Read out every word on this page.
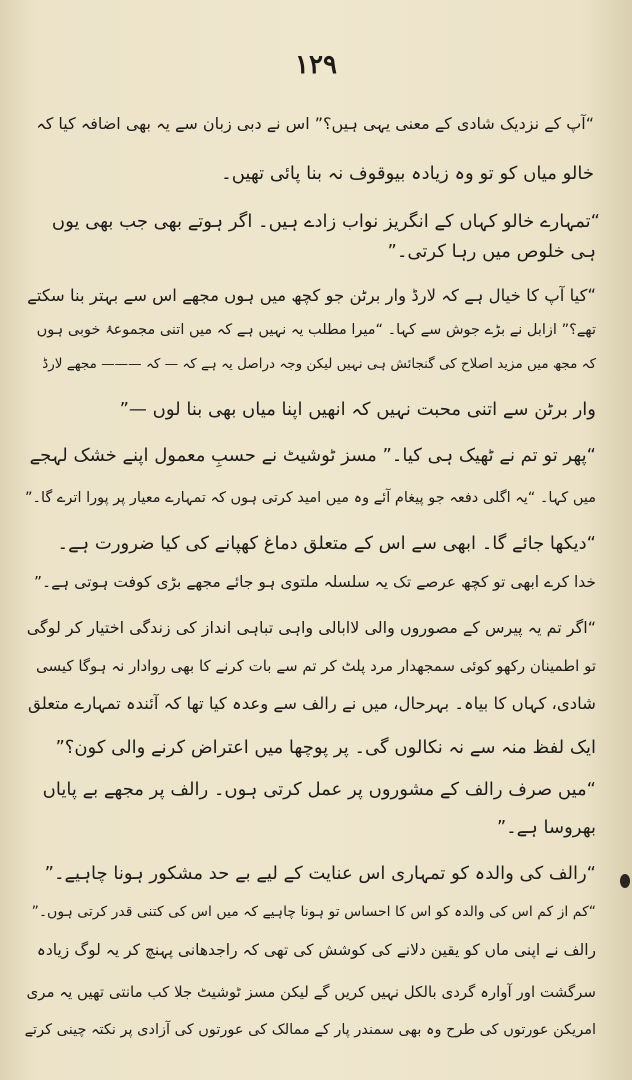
۱۲۹
“آپ کے نزدیک شادی کے معنی یہی ہیں؟” اس نے دبی زبان سے یہ بھی اضافہ کیا کہ
خالو میاں کو تو وہ زیادہ بیوقوف نہ بنا پائی تھیں۔
“تمہارے خالو کہاں کے انگریز نواب زادے ہیں۔ اگر ہوتے بھی جب بھی یوں
ہی خلوص میں رہا کرتی۔”
“کیا آپ کا خیال ہے کہ لارڈ وار برٹن جو کچھ میں ہوں مجھے اس سے بہتر بنا سکتے
تھے؟” ازابل نے بڑے جوش سے کہا۔ “میرا مطلب یہ نہیں ہے کہ میں اتنی مجموعۂ خوبی ہوں
کہ مجھ میں مزید اصلاح کی گنجائش ہی نہیں لیکن وجہ دراصل یہ ہے کہ — کہ ——— مجھے لارڈ
وار برٹن سے اتنی محبت نہیں کہ انھیں اپنا میاں بھی بنا لوں —”
“پھر تو تم نے ٹھیک ہی کیا۔” مسز ٹوشیٹ نے حسبِ معمول اپنے خشک لہجے
میں کہا۔ “یہ اگلی دفعہ جو پیغام آئے وہ میں امید کرتی ہوں کہ تمہارے معیار پر پورا اترے گا۔”
“دیکھا جائے گا۔ ابھی سے اس کے متعلق دماغ کھپانے کی کیا ضرورت ہے۔
خدا کرے ابھی تو کچھ عرصے تک یہ سلسلہ ملتوی ہو جائے مجھے بڑی کوفت ہوتی ہے۔”
“اگر تم یہ پیرس کے مصوروں والی لاابالی واہی تباہی انداز کی زندگی اختیار کر لوگی
تو اطمینان رکھو کوئی سمجھدار مرد پلٹ کر تم سے بات کرنے کا بھی روادار نہ ہوگا کیسی
شادی، کہاں کا بیاہ۔ بہرحال، میں نے رالف سے وعدہ کیا تھا کہ آئندہ تمہارے متعلق
ایک لفظ منہ سے نہ نکالوں گی۔ پر پوچھا میں اعتراض کرنے والی کون؟”
“میں صرف رالف کے مشوروں پر عمل کرتی ہوں۔ رالف پر مجھے بے پایاں
بھروسا ہے۔”
“رالف کی والدہ کو تمہاری اس عنایت کے لیے بے حد مشکور ہونا چاہیے۔”
“کم از کم اس کی والدہ کو اس کا احساس تو ہونا چاہیے کہ میں اس کی کتنی قدر کرتی ہوں۔”
رالف نے اپنی ماں کو یقین دلانے کی کوشش کی تھی کہ راجدھانی پہنچ کر یہ لوگ زیادہ
سرگشت اور آوارہ گردی بالکل نہیں کریں گے لیکن مسز ٹوشیٹ جلا کب مانتی تھیں یہ مری
امریکن عورتوں کی طرح وہ بھی سمندر پار کے ممالک کی عورتوں کی آزادی پر نکتہ چینی کرتے
